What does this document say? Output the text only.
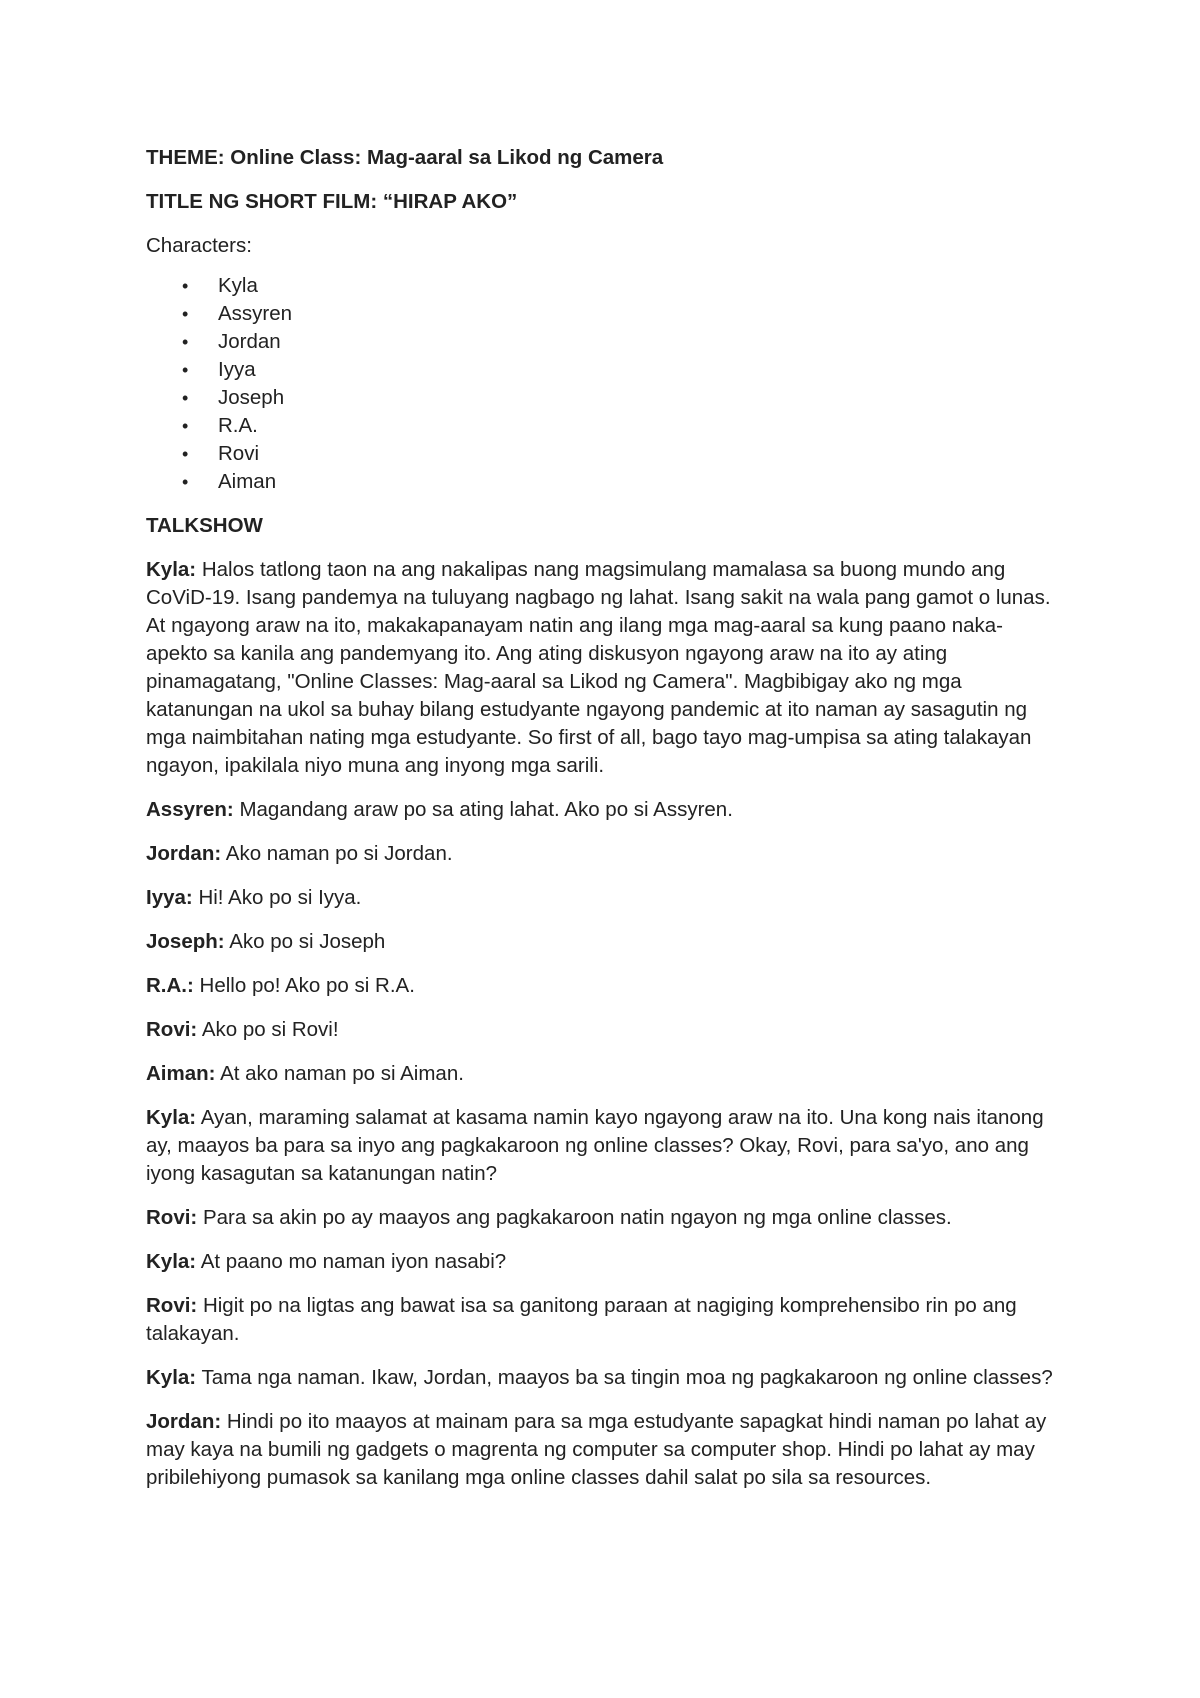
THEME: Online Class: Mag-aaral sa Likod ng Camera
TITLE NG SHORT FILM: “HIRAP AKO”
Characters:
• Kyla
• Assyren
• Jordan
• Iyya
• Joseph
• R.A.
• Rovi
• Aiman
TALKSHOW
Kyla: Halos tatlong taon na ang nakalipas nang magsimulang mamalasa sa buong mundo ang CoViD-19. Isang pandemya na tuluyang nagbago ng lahat. Isang sakit na wala pang gamot o lunas. At ngayong araw na ito, makakapanayam natin ang ilang mga mag-aaral sa kung paano naka-apekto sa kanila ang pandemyang ito. Ang ating diskusyon ngayong araw na ito ay ating pinamagatang, "Online Classes: Mag-aaral sa Likod ng Camera". Magbibigay ako ng mga katanungan na ukol sa buhay bilang estudyante ngayong pandemic at ito naman ay sasagutin ng mga naimbitahan nating mga estudyante. So first of all, bago tayo mag-umpisa sa ating talakayan ngayon, ipakilala niyo muna ang inyong mga sarili.
Assyren: Magandang araw po sa ating lahat. Ako po si Assyren.
Jordan: Ako naman po si Jordan.
Iyya: Hi! Ako po si Iyya.
Joseph: Ako po si Joseph
R.A.: Hello po! Ako po si R.A.
Rovi: Ako po si Rovi!
Aiman: At ako naman po si Aiman.
Kyla: Ayan, maraming salamat at kasama namin kayo ngayong araw na ito. Una kong nais itanong ay, maayos ba para sa inyo ang pagkakaroon ng online classes? Okay, Rovi, para sa'yo, ano ang iyong kasagutan sa katanungan natin?
Rovi: Para sa akin po ay maayos ang pagkakaroon natin ngayon ng mga online classes.
Kyla: At paano mo naman iyon nasabi?
Rovi: Higit po na ligtas ang bawat isa sa ganitong paraan at nagiging komprehensibo rin po ang talakayan.
Kyla: Tama nga naman. Ikaw, Jordan, maayos ba sa tingin moa ng pagkakaroon ng online classes?
Jordan: Hindi po ito maayos at mainam para sa mga estudyante sapagkat hindi naman po lahat ay may kaya na bumili ng gadgets o magrenta ng computer sa computer shop. Hindi po lahat ay may pribilehiyong pumasok sa kanilang mga online classes dahil salat po sila sa resources.
